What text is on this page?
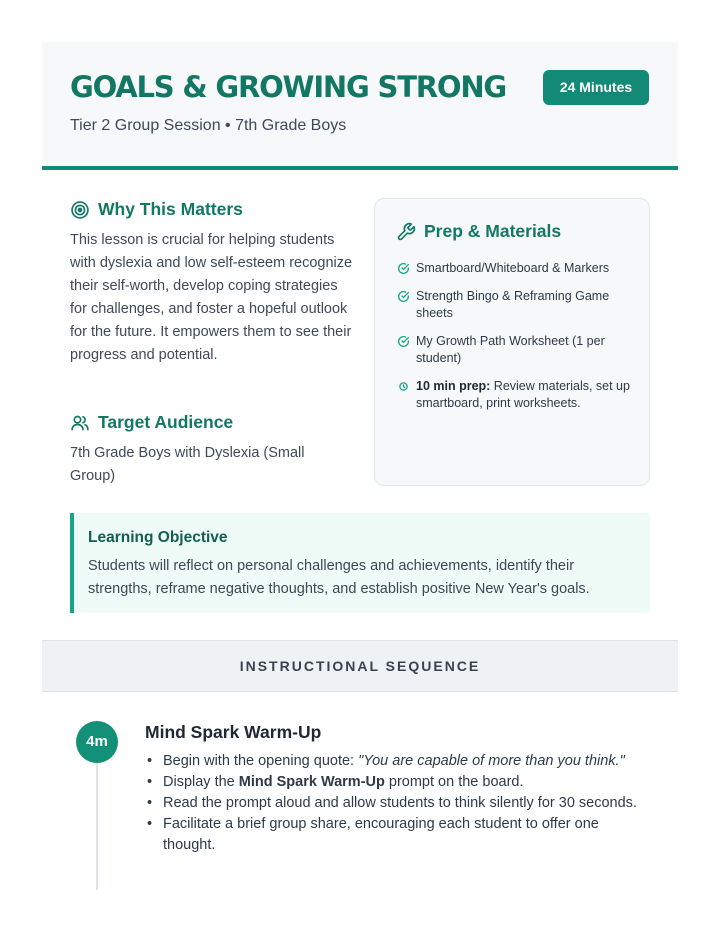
GOALS & GROWING STRONG
Tier 2 Group Session • 7th Grade Boys
24 Minutes
Why This Matters
This lesson is crucial for helping students with dyslexia and low self-esteem recognize their self-worth, develop coping strategies for challenges, and foster a hopeful outlook for the future. It empowers them to see their progress and potential.
Target Audience
7th Grade Boys with Dyslexia (Small Group)
Prep & Materials
Smartboard/Whiteboard & Markers
Strength Bingo & Reframing Game sheets
My Growth Path Worksheet (1 per student)
10 min prep: Review materials, set up smartboard, print worksheets.
Learning Objective
Students will reflect on personal challenges and achievements, identify their strengths, reframe negative thoughts, and establish positive New Year's goals.
INSTRUCTIONAL SEQUENCE
4m	Mind Spark Warm-Up
• Begin with the opening quote: "You are capable of more than you think."
• Display the Mind Spark Warm-Up prompt on the board.
• Read the prompt aloud and allow students to think silently for 30 seconds.
• Facilitate a brief group share, encouraging each student to offer one thought.
